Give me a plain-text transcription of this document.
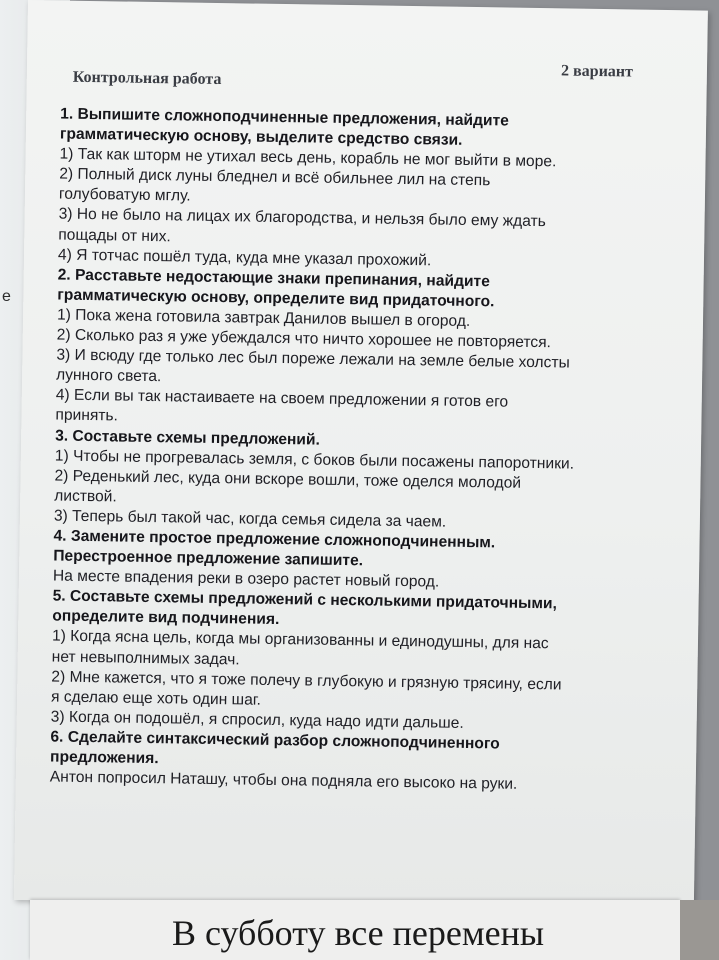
е
Контрольная работа	2 вариант
1. Выпишите сложноподчиненные предложения, найдите
грамматическую основу, выделите средство связи.
1) Так как шторм не утихал весь день, корабль не мог выйти в море.
2) Полный диск луны бледнел и всё обильнее лил на степь
голубоватую мглу.
3) Но не было на лицах их благородства, и нельзя было ему ждать
пощады от них.
4) Я тотчас пошёл туда, куда мне указал прохожий.
2. Расставьте недостающие знаки препинания, найдите
грамматическую основу, определите вид придаточного.
1) Пока жена готовила завтрак Данилов вышел в огород.
2) Сколько раз я уже убеждался что ничто хорошее не повторяется.
3) И всюду где только лес был пореже лежали на земле белые холсты
лунного света.
4) Если вы так настаиваете на своем предложении я готов его
принять.
3. Составьте схемы предложений.
1) Чтобы не прогревалась земля, с боков были посажены папоротники.
2) Реденький лес, куда они вскоре вошли, тоже оделся молодой
листвой.
3) Теперь был такой час, когда семья сидела за чаем.
4. Замените простое предложение сложноподчиненным.
Перестроенное предложение запишите.
На месте впадения реки в озеро растет новый город.
5. Составьте схемы предложений с несколькими придаточными,
определите вид подчинения.
1) Когда ясна цель, когда мы организованны и единодушны, для нас
нет невыполнимых задач.
2) Мне кажется, что я тоже полечу в глубокую и грязную трясину, если
я сделаю еще хоть один шаг.
3) Когда он подошёл, я спросил, куда надо идти дальше.
6. Сделайте синтаксический разбор сложноподчиненного
предложения.
Антон попросил Наташу, чтобы она подняла его высоко на руки.
В субботу все перемены
